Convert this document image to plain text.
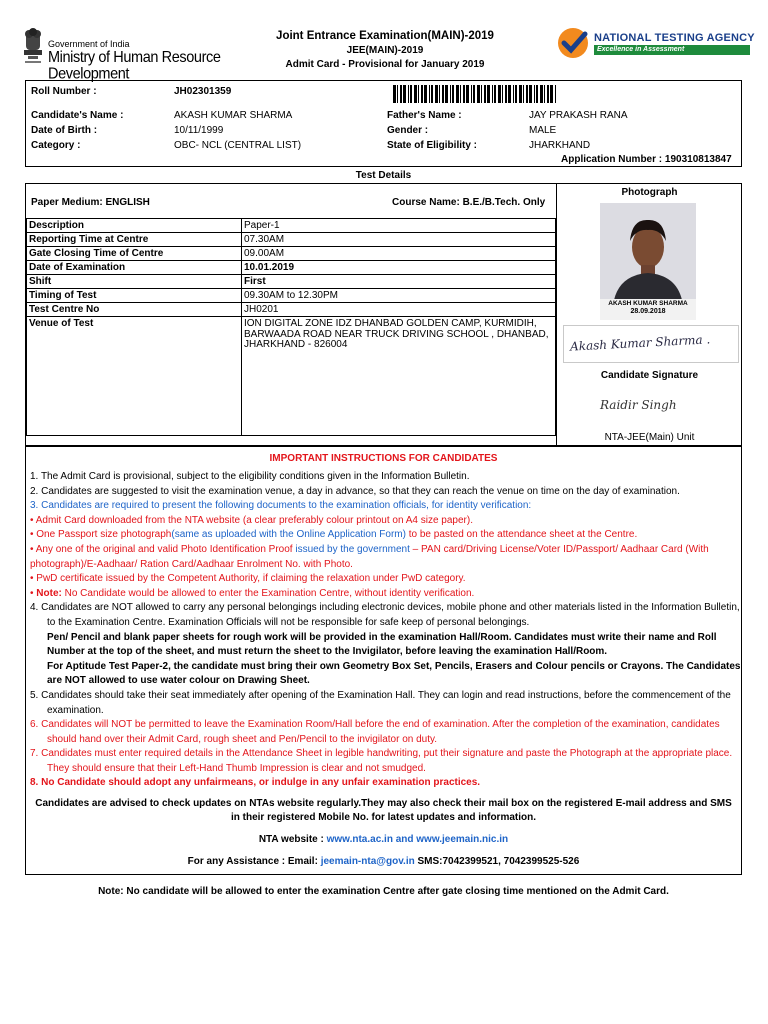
Government of India
Ministry of Human Resource Development
Joint Entrance Examination(MAIN)-2019
JEE(MAIN)-2019
Admit Card - Provisional for January 2019
NATIONAL TESTING AGENCY
Excellence in Assessment
Roll Number :	JH02301359
Candidate's Name :	AKASH KUMAR SHARMA	Father's Name :	JAY PRAKASH RANA
Date of Birth :	10/11/1999	Gender :	MALE
Category :	OBC- NCL (CENTRAL LIST)	State of Eligibility :	JHARKHAND
Application Number : 190310813847
Test Details
Paper Medium: ENGLISH	Course Name: B.E./B.Tech. Only
Description	Paper-1
Reporting Time at Centre	07.30AM
Gate Closing Time of Centre	09.00AM
Date of Examination	10.01.2019
Shift	First
Timing of Test	09.30AM to 12.30PM
Test Centre No	JH0201
Venue of Test	ION DIGITAL ZONE IDZ DHANBAD GOLDEN CAMP, KURMIDIH, BARWAADA ROAD NEAR TRUCK DRIVING SCHOOL , DHANBAD, JHARKHAND - 826004
Photograph
AKASH KUMAR SHARMA
28.09.2018
Akash Kumar Sharma .
Candidate Signature
Raidir Singh
NTA-JEE(Main) Unit
IMPORTANT INSTRUCTIONS FOR CANDIDATES
1. The Admit Card is provisional, subject to the eligibility conditions given in the Information Bulletin.
2. Candidates are suggested to visit the examination venue, a day in advance, so that they can reach the venue on time on the day of examination.
3. Candidates are required to present the following documents to the examination officials, for identity verification:
• Admit Card downloaded from the NTA website (a clear preferably colour printout on A4 size paper).
• One Passport size photograph(same as uploaded with the Online Application Form) to be pasted on the attendance sheet at the Centre.
• Any one of the original and valid Photo Identification Proof issued by the government – PAN card/Driving License/Voter ID/Passport/ Aadhaar Card (With photograph)/E-Aadhaar/ Ration Card/Aadhaar Enrolment No. with Photo.
• PwD certificate issued by the Competent Authority, if claiming the relaxation under PwD category.
• Note: No Candidate would be allowed to enter the Examination Centre, without identity verification.
4. Candidates are NOT allowed to carry any personal belongings including electronic devices, mobile phone and other materials listed in the Information Bulletin, to the Examination Centre. Examination Officials will not be responsible for safe keep of personal belongings.
Pen/ Pencil and blank paper sheets for rough work will be provided in the examination Hall/Room. Candidates must write their name and Roll Number at the top of the sheet, and must return the sheet to the Invigilator, before leaving the examination Hall/Room.
For Aptitude Test Paper-2, the candidate must bring their own Geometry Box Set, Pencils, Erasers and Colour pencils or Crayons. The Candidates are NOT allowed to use water colour on Drawing Sheet.
5. Candidates should take their seat immediately after opening of the Examination Hall. They can login and read instructions, before the commencement of the examination.
6. Candidates will NOT be permitted to leave the Examination Room/Hall before the end of examination. After the completion of the examination, candidates should hand over their Admit Card, rough sheet and Pen/Pencil to the invigilator on duty.
7. Candidates must enter required details in the Attendance Sheet in legible handwriting, put their signature and paste the Photograph at the appropriate place. They should ensure that their Left-Hand Thumb Impression is clear and not smudged.
8. No Candidate should adopt any unfairmeans, or indulge in any unfair examination practices.
Candidates are advised to check updates on NTAs website regularly.They may also check their mail box on the registered E-mail address and SMS in their registered Mobile No. for latest updates and information.
NTA website : www.nta.ac.in and www.jeemain.nic.in
For any Assistance : Email: jeemain-nta@gov.in SMS:7042399521, 7042399525-526
Note: No candidate will be allowed to enter the examination Centre after gate closing time mentioned on the Admit Card.
